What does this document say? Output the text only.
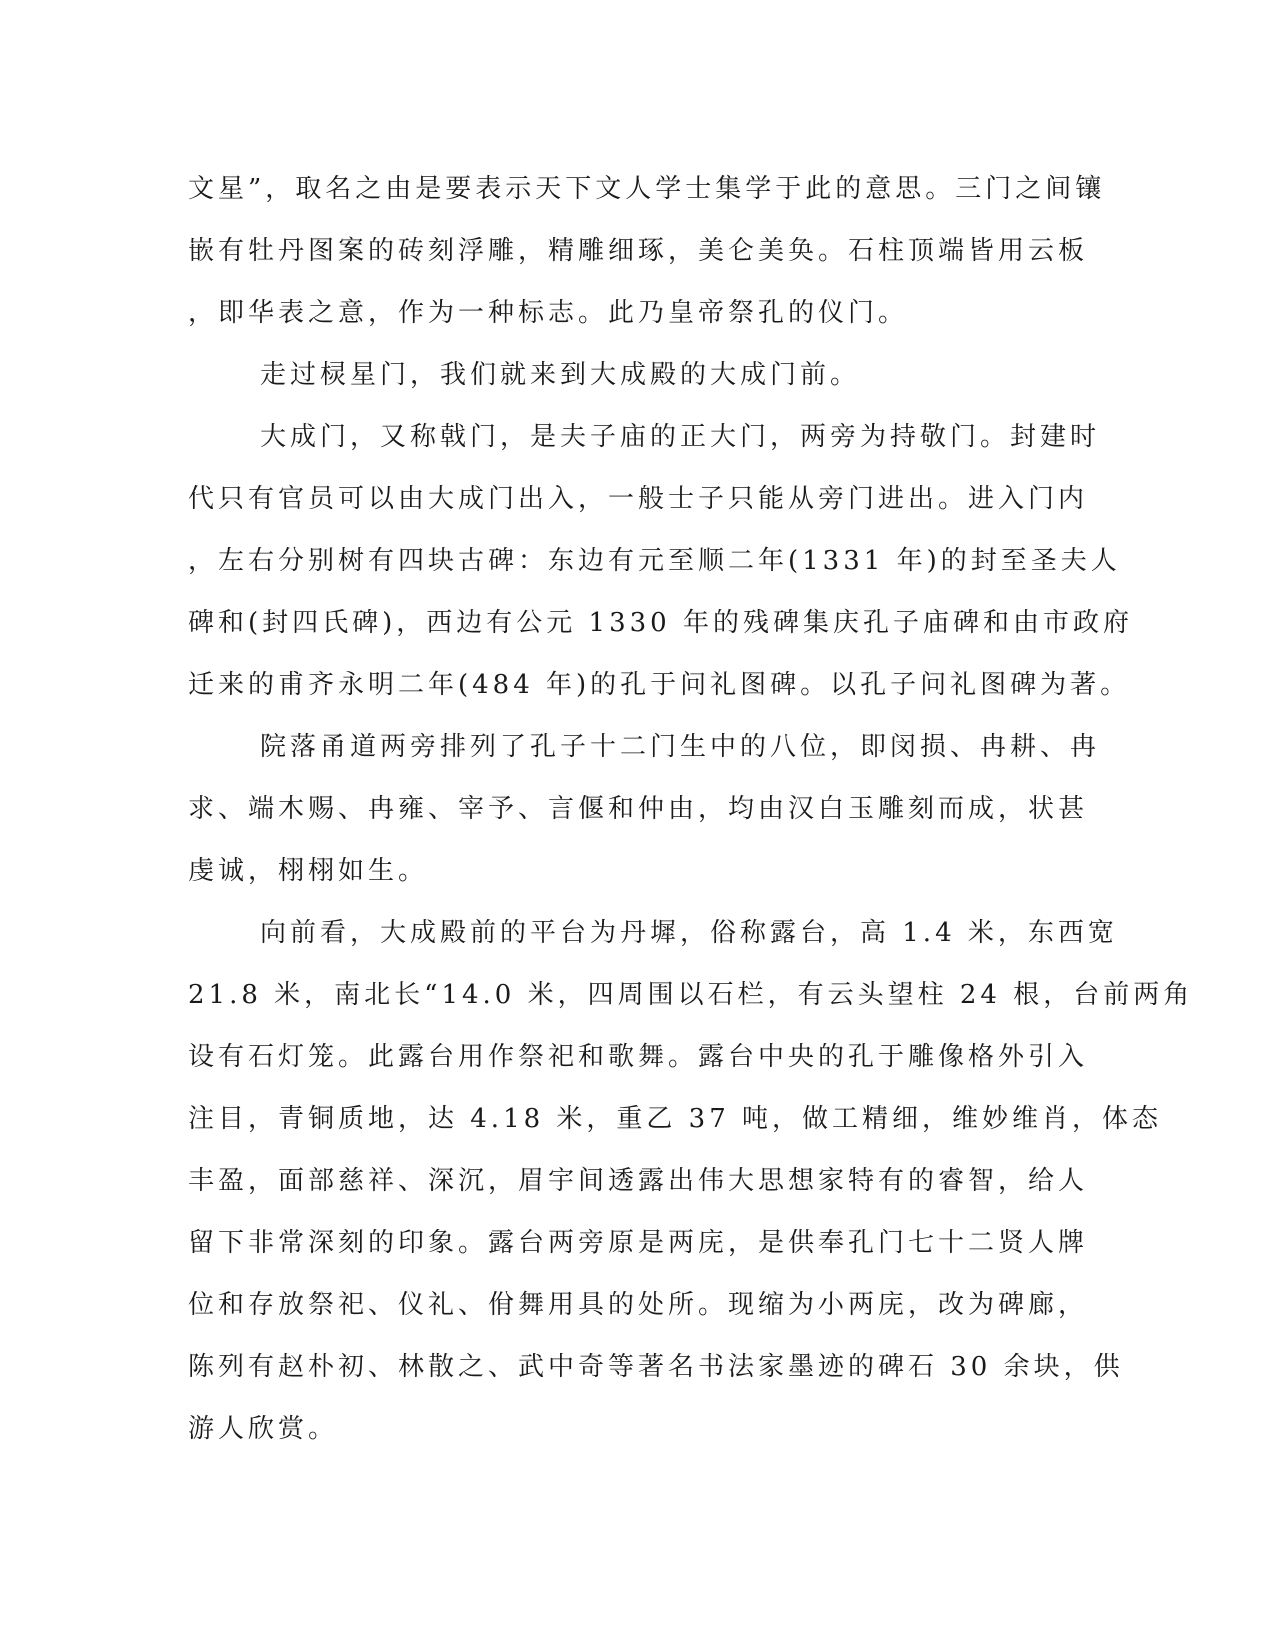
文星”，取名之由是要表示天下文人学士集学于此的意思。三门之间镶
嵌有牡丹图案的砖刻浮雕，精雕细琢，美仑美奂。石柱顶端皆用云板
，即华表之意，作为一种标志。此乃皇帝祭孔的仪门。

走过棂星门，我们就来到大成殿的大成门前。

大成门，又称戟门，是夫子庙的正大门，两旁为持敬门。封建时
代只有官员可以由大成门出入，一般士子只能从旁门进出。进入门内
，左右分别树有四块古碑：东边有元至顺二年(1331 年)的封至圣夫人
碑和(封四氏碑)，西边有公元 1330 年的残碑集庆孔子庙碑和由市政府
迁来的甫齐永明二年(484 年)的孔于问礼图碑。以孔子问礼图碑为著。

院落甬道两旁排列了孔子十二门生中的八位，即闵损、冉耕、冉
求、端木赐、冉雍、宰予、言偃和仲由，均由汉白玉雕刻而成，状甚
虔诚，栩栩如生。

向前看，大成殿前的平台为丹墀，俗称露台，高 1.4 米，东西宽
21.8 米，南北长“14.0 米，四周围以石栏，有云头望柱 24 根，台前两角
设有石灯笼。此露台用作祭祀和歌舞。露台中央的孔于雕像格外引入
注目，青铜质地，达 4.18 米，重乙 37 吨，做工精细，维妙维肖，体态
丰盈，面部慈祥、深沉，眉宇间透露出伟大思想家特有的睿智，给人
留下非常深刻的印象。露台两旁原是两庑，是供奉孔门七十二贤人牌
位和存放祭祀、仪礼、佾舞用具的处所。现缩为小两庑，改为碑廊，
陈列有赵朴初、林散之、武中奇等著名书法家墨迹的碑石 30 余块，供
游人欣赏。
